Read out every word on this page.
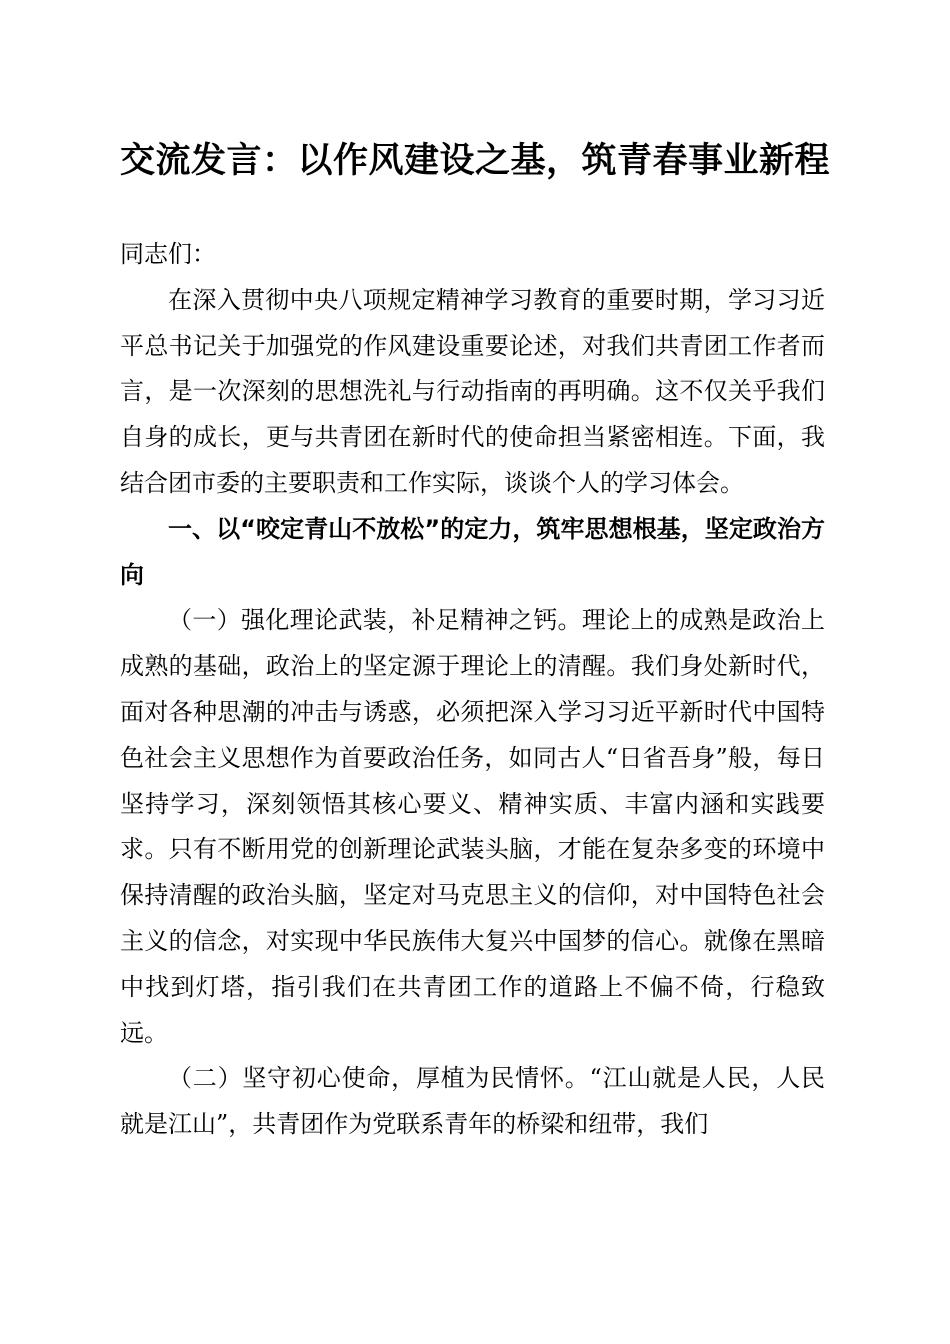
交流发言：以作风建设之基，筑青春事业新程

同志们：

在深入贯彻中央八项规定精神学习教育的重要时期，学习习近平总书记关于加强党的作风建设重要论述，对我们共青团工作者而言，是一次深刻的思想洗礼与行动指南的再明确。这不仅关乎我们自身的成长，更与共青团在新时代的使命担当紧密相连。下面，我结合团市委的主要职责和工作实际，谈谈个人的学习体会。

一、以“咬定青山不放松”的定力，筑牢思想根基，坚定政治方向

（一）强化理论武装，补足精神之钙。理论上的成熟是政治上成熟的基础，政治上的坚定源于理论上的清醒。我们身处新时代，面对各种思潮的冲击与诱惑，必须把深入学习习近平新时代中国特色社会主义思想作为首要政治任务，如同古人“日省吾身”般，每日坚持学习，深刻领悟其核心要义、精神实质、丰富内涵和实践要求。只有不断用党的创新理论武装头脑，才能在复杂多变的环境中保持清醒的政治头脑，坚定对马克思主义的信仰，对中国特色社会主义的信念，对实现中华民族伟大复兴中国梦的信心。就像在黑暗中找到灯塔，指引我们在共青团工作的道路上不偏不倚，行稳致远。

（二）坚守初心使命，厚植为民情怀。“江山就是人民，人民就是江山”，共青团作为党联系青年的桥梁和纽带，我们
